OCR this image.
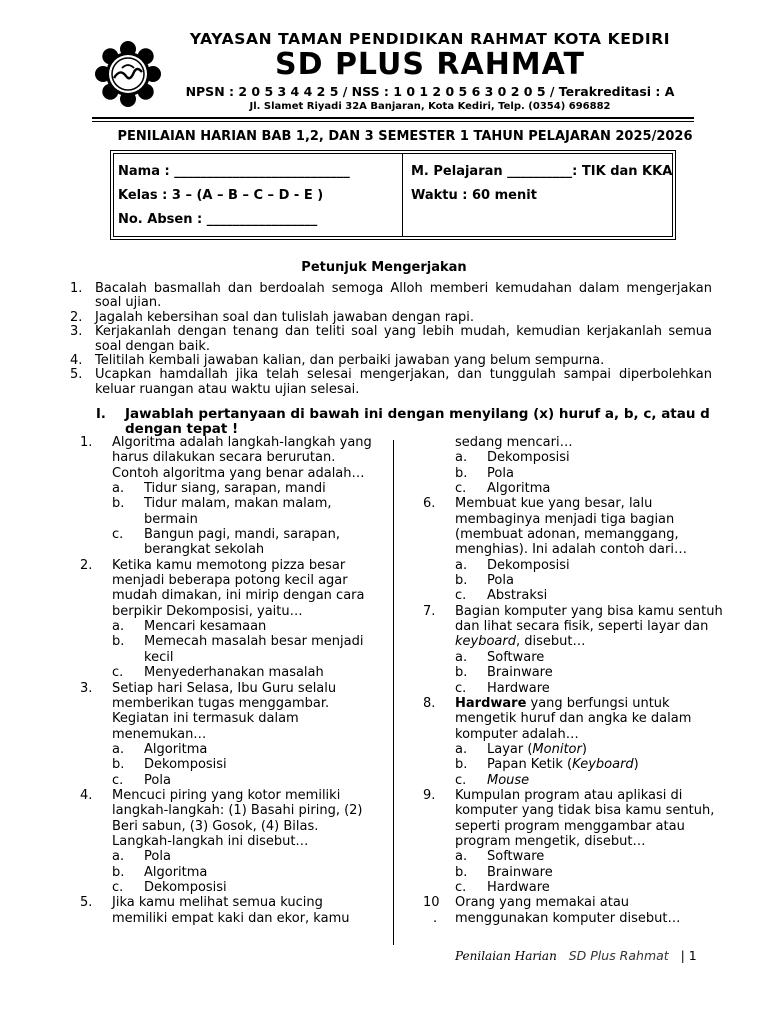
YAYASAN TAMAN PENDIDIKAN RAHMAT KOTA KEDIRI
SD PLUS RAHMAT
NPSN : 2 0 5 3 4 4 2 5 / NSS : 1 0 1 2 0 5 6 3 0 2 0 5 / Terakreditasi : A
Jl. Slamet Riyadi 32A Banjaran, Kota Kediri, Telp. (0354) 696882
PENILAIAN HARIAN BAB 1,2, DAN 3 SEMESTER 1 TAHUN PELAJARAN 2025/2026
Nama : ___________________________
Kelas : 3 – (A – B – C – D - E )
No. Absen : _________________
M. Pelajaran __________: TIK dan KKA
Waktu : 60 menit
Petunjuk Mengerjakan
1. Bacalah basmallah dan berdoalah semoga Alloh memberi kemudahan dalam mengerjakan soal ujian.
2. Jagalah kebersihan soal dan tulislah jawaban dengan rapi.
3. Kerjakanlah dengan tenang dan teliti soal yang lebih mudah, kemudian kerjakanlah semua soal dengan baik.
4. Telitilah kembali jawaban kalian, dan perbaiki jawaban yang belum sempurna.
5. Ucapkan hamdallah jika telah selesai mengerjakan, dan tunggulah sampai diperbolehkan keluar ruangan atau waktu ujian selesai.
I. Jawablah pertanyaan di bawah ini dengan menyilang (x) huruf a, b, c, atau d dengan tepat !
1. Algoritma adalah langkah-langkah yang harus dilakukan secara berurutan. Contoh algoritma yang benar adalah…
a. Tidur siang, sarapan, mandi
b. Tidur malam, makan malam, bermain
c. Bangun pagi, mandi, sarapan, berangkat sekolah
2. Ketika kamu memotong pizza besar menjadi beberapa potong kecil agar mudah dimakan, ini mirip dengan cara berpikir Dekomposisi, yaitu…
a. Mencari kesamaan
b. Memecah masalah besar menjadi kecil
c. Menyederhanakan masalah
3. Setiap hari Selasa, Ibu Guru selalu memberikan tugas menggambar. Kegiatan ini termasuk dalam menemukan…
a. Algoritma
b. Dekomposisi
c. Pola
4. Mencuci piring yang kotor memiliki langkah-langkah: (1) Basahi piring, (2) Beri sabun, (3) Gosok, (4) Bilas. Langkah-langkah ini disebut…
a. Pola
b. Algoritma
c. Dekomposisi
5. Jika kamu melihat semua kucing memiliki empat kaki dan ekor, kamu
sedang mencari…
a. Dekomposisi
b. Pola
c. Algoritma
6. Membuat kue yang besar, lalu membaginya menjadi tiga bagian (membuat adonan, memanggang, menghias). Ini adalah contoh dari…
a. Dekomposisi
b. Pola
c. Abstraksi
7. Bagian komputer yang bisa kamu sentuh dan lihat secara fisik, seperti layar dan keyboard, disebut…
a. Software
b. Brainware
c. Hardware
8. Hardware yang berfungsi untuk mengetik huruf dan angka ke dalam komputer adalah…
a. Layar (Monitor)
b. Papan Ketik (Keyboard)
c. Mouse
9. Kumpulan program atau aplikasi di komputer yang tidak bisa kamu sentuh, seperti program menggambar atau program mengetik, disebut…
a. Software
b. Brainware
c. Hardware
10
.
Orang yang memakai atau menggunakan komputer disebut…
Penilaian Harian SD Plus Rahmat | 1
